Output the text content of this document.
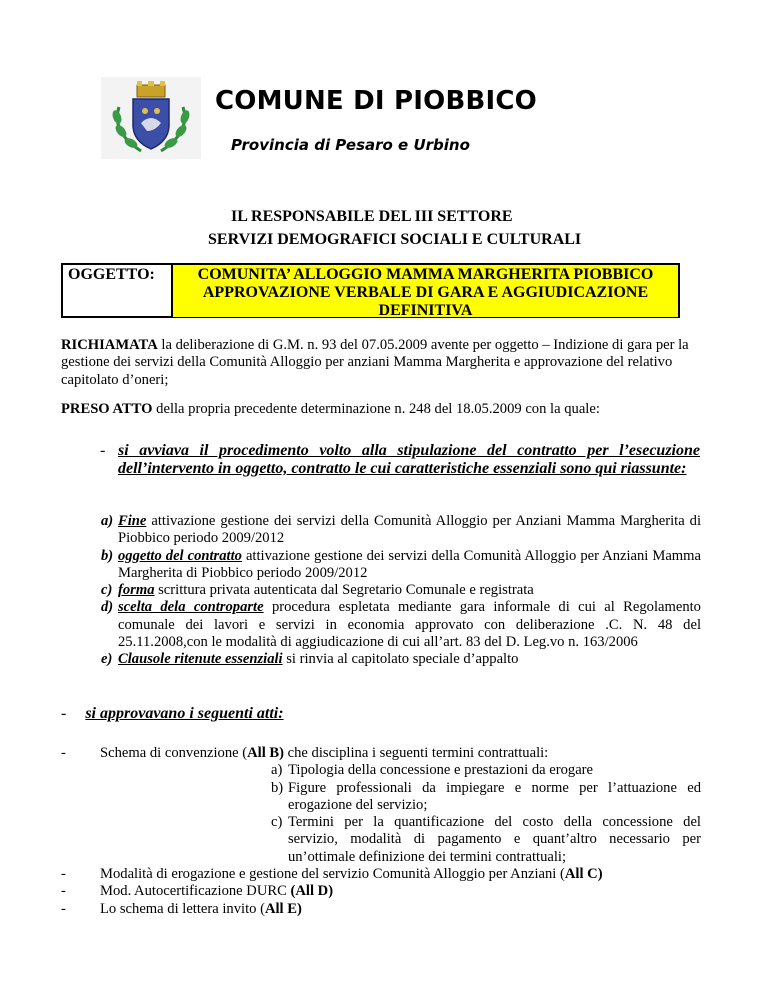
COMUNE DI PIOBBICO
Provincia di Pesaro e Urbino
IL RESPONSABILE DEL III SETTORE
SERVIZI DEMOGRAFICI SOCIALI E CULTURALI
OGGETTO:	COMUNITA’ ALLOGGIO MAMMA MARGHERITA PIOBBICO
APPROVAZIONE VERBALE DI GARA E AGGIUDICAZIONE
DEFINITIVA
RICHIAMATA la deliberazione di G.M. n. 93 del 07.05.2009 avente per oggetto – Indizione di gara per la gestione dei servizi della Comunità Alloggio per anziani Mamma Margherita e approvazione del relativo capitolato d’oneri;
PRESO ATTO della propria precedente determinazione n. 248 del 18.05.2009 con la quale:
- si avviava il procedimento volto alla stipulazione del contratto per l’esecuzione dell’intervento in oggetto, contratto le cui caratteristiche essenziali sono qui riassunte:
a) Fine attivazione gestione dei servizi della Comunità Alloggio per Anziani Mamma Margherita di Piobbico periodo 2009/2012
b) oggetto del contratto attivazione gestione dei servizi della Comunità Alloggio per Anziani Mamma Margherita di Piobbico periodo 2009/2012
c) forma scrittura privata autenticata dal Segretario Comunale e registrata
d) scelta dela controparte procedura espletata mediante gara informale di cui al Regolamento comunale dei lavori e servizi in economia approvato con deliberazione .C. N. 48 del 25.11.2008,con le modalità di aggiudicazione di cui all’art. 83 del D. Leg.vo n. 163/2006
e) Clausole ritenute essenziali si rinvia al capitolato speciale d’appalto
- si approvavano i seguenti atti:
- Schema di convenzione (All B) che disciplina i seguenti termini contrattuali:
a) Tipologia della concessione e prestazioni da erogare
b) Figure professionali da impiegare e norme per l’attuazione ed erogazione del servizio;
c) Termini per la quantificazione del costo della concessione del servizio, modalità di pagamento e quant’altro necessario per un’ottimale definizione dei termini contrattuali;
- Modalità di erogazione e gestione del servizio Comunità Alloggio per Anziani (All C)
- Mod. Autocertificazione DURC (All D)
- Lo schema di lettera invito (All E)
